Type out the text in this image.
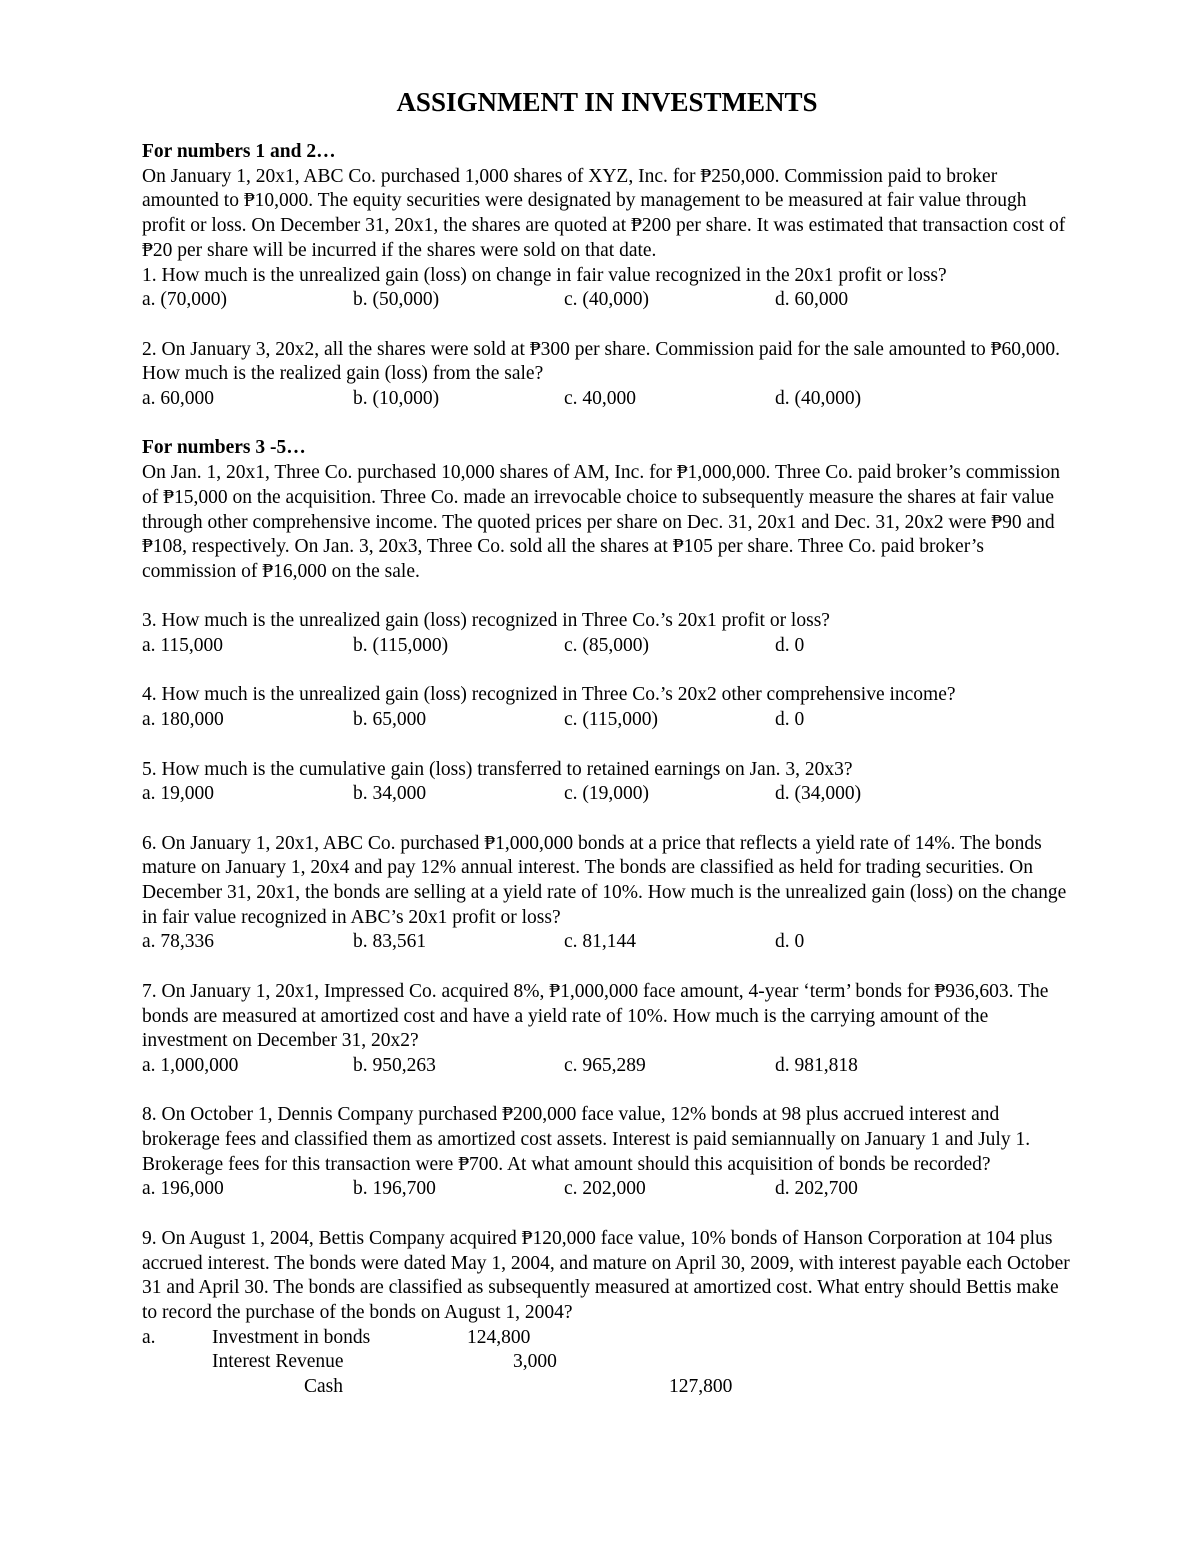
ASSIGNMENT IN INVESTMENTS
For numbers 1 and 2…
On January 1, 20x1, ABC Co. purchased 1,000 shares of XYZ, Inc. for ₱250,000. Commission paid to broker amounted to ₱10,000. The equity securities were designated by management to be measured at fair value through profit or loss. On December 31, 20x1, the shares are quoted at ₱200 per share. It was estimated that transaction cost of ₱20 per share will be incurred if the shares were sold on that date.
1. How much is the unrealized gain (loss) on change in fair value recognized in the 20x1 profit or loss?
a. (70,000)	b. (50,000)	c. (40,000)	d. 60,000
2. On January 3, 20x2, all the shares were sold at ₱300 per share. Commission paid for the sale amounted to ₱60,000. How much is the realized gain (loss) from the sale?
a. 60,000	b. (10,000)	c. 40,000	d. (40,000)
For numbers 3 -5…
On Jan. 1, 20x1, Three Co. purchased 10,000 shares of AM, Inc. for ₱1,000,000. Three Co. paid broker’s commission of ₱15,000 on the acquisition. Three Co. made an irrevocable choice to subsequently measure the shares at fair value through other comprehensive income. The quoted prices per share on Dec. 31, 20x1 and Dec. 31, 20x2 were ₱90 and ₱108, respectively. On Jan. 3, 20x3, Three Co. sold all the shares at ₱105 per share. Three Co. paid broker’s commission of ₱16,000 on the sale.
3. How much is the unrealized gain (loss) recognized in Three Co.’s 20x1 profit or loss?
a. 115,000	b. (115,000)	c. (85,000)	d. 0
4. How much is the unrealized gain (loss) recognized in Three Co.’s 20x2 other comprehensive income?
a. 180,000	b. 65,000	c. (115,000)	d. 0
5. How much is the cumulative gain (loss) transferred to retained earnings on Jan. 3, 20x3?
a. 19,000	b. 34,000	c. (19,000)	d. (34,000)
6. On January 1, 20x1, ABC Co. purchased ₱1,000,000 bonds at a price that reflects a yield rate of 14%. The bonds mature on January 1, 20x4 and pay 12% annual interest. The bonds are classified as held for trading securities. On December 31, 20x1, the bonds are selling at a yield rate of 10%. How much is the unrealized gain (loss) on the change in fair value recognized in ABC’s 20x1 profit or loss?
a. 78,336	b. 83,561	c. 81,144	d. 0
7. On January 1, 20x1, Impressed Co. acquired 8%, ₱1,000,000 face amount, 4-year ‘term’ bonds for ₱936,603. The bonds are measured at amortized cost and have a yield rate of 10%. How much is the carrying amount of the investment on December 31, 20x2?
a. 1,000,000	b. 950,263	c. 965,289	d. 981,818
8. On October 1, Dennis Company purchased ₱200,000 face value, 12% bonds at 98 plus accrued interest and brokerage fees and classified them as amortized cost assets. Interest is paid semiannually on January 1 and July 1. Brokerage fees for this transaction were ₱700. At what amount should this acquisition of bonds be recorded?
a. 196,000	b. 196,700	c. 202,000	d. 202,700
9. On August 1, 2004, Bettis Company acquired ₱120,000 face value, 10% bonds of Hanson Corporation at 104 plus accrued interest. The bonds were dated May 1, 2004, and mature on April 30, 2009, with interest payable each October 31 and April 30. The bonds are classified as subsequently measured at amortized cost. What entry should Bettis make to record the purchase of the bonds on August 1, 2004?
a.	Investment in bonds	124,800
Interest Revenue	3,000
Cash	127,800
